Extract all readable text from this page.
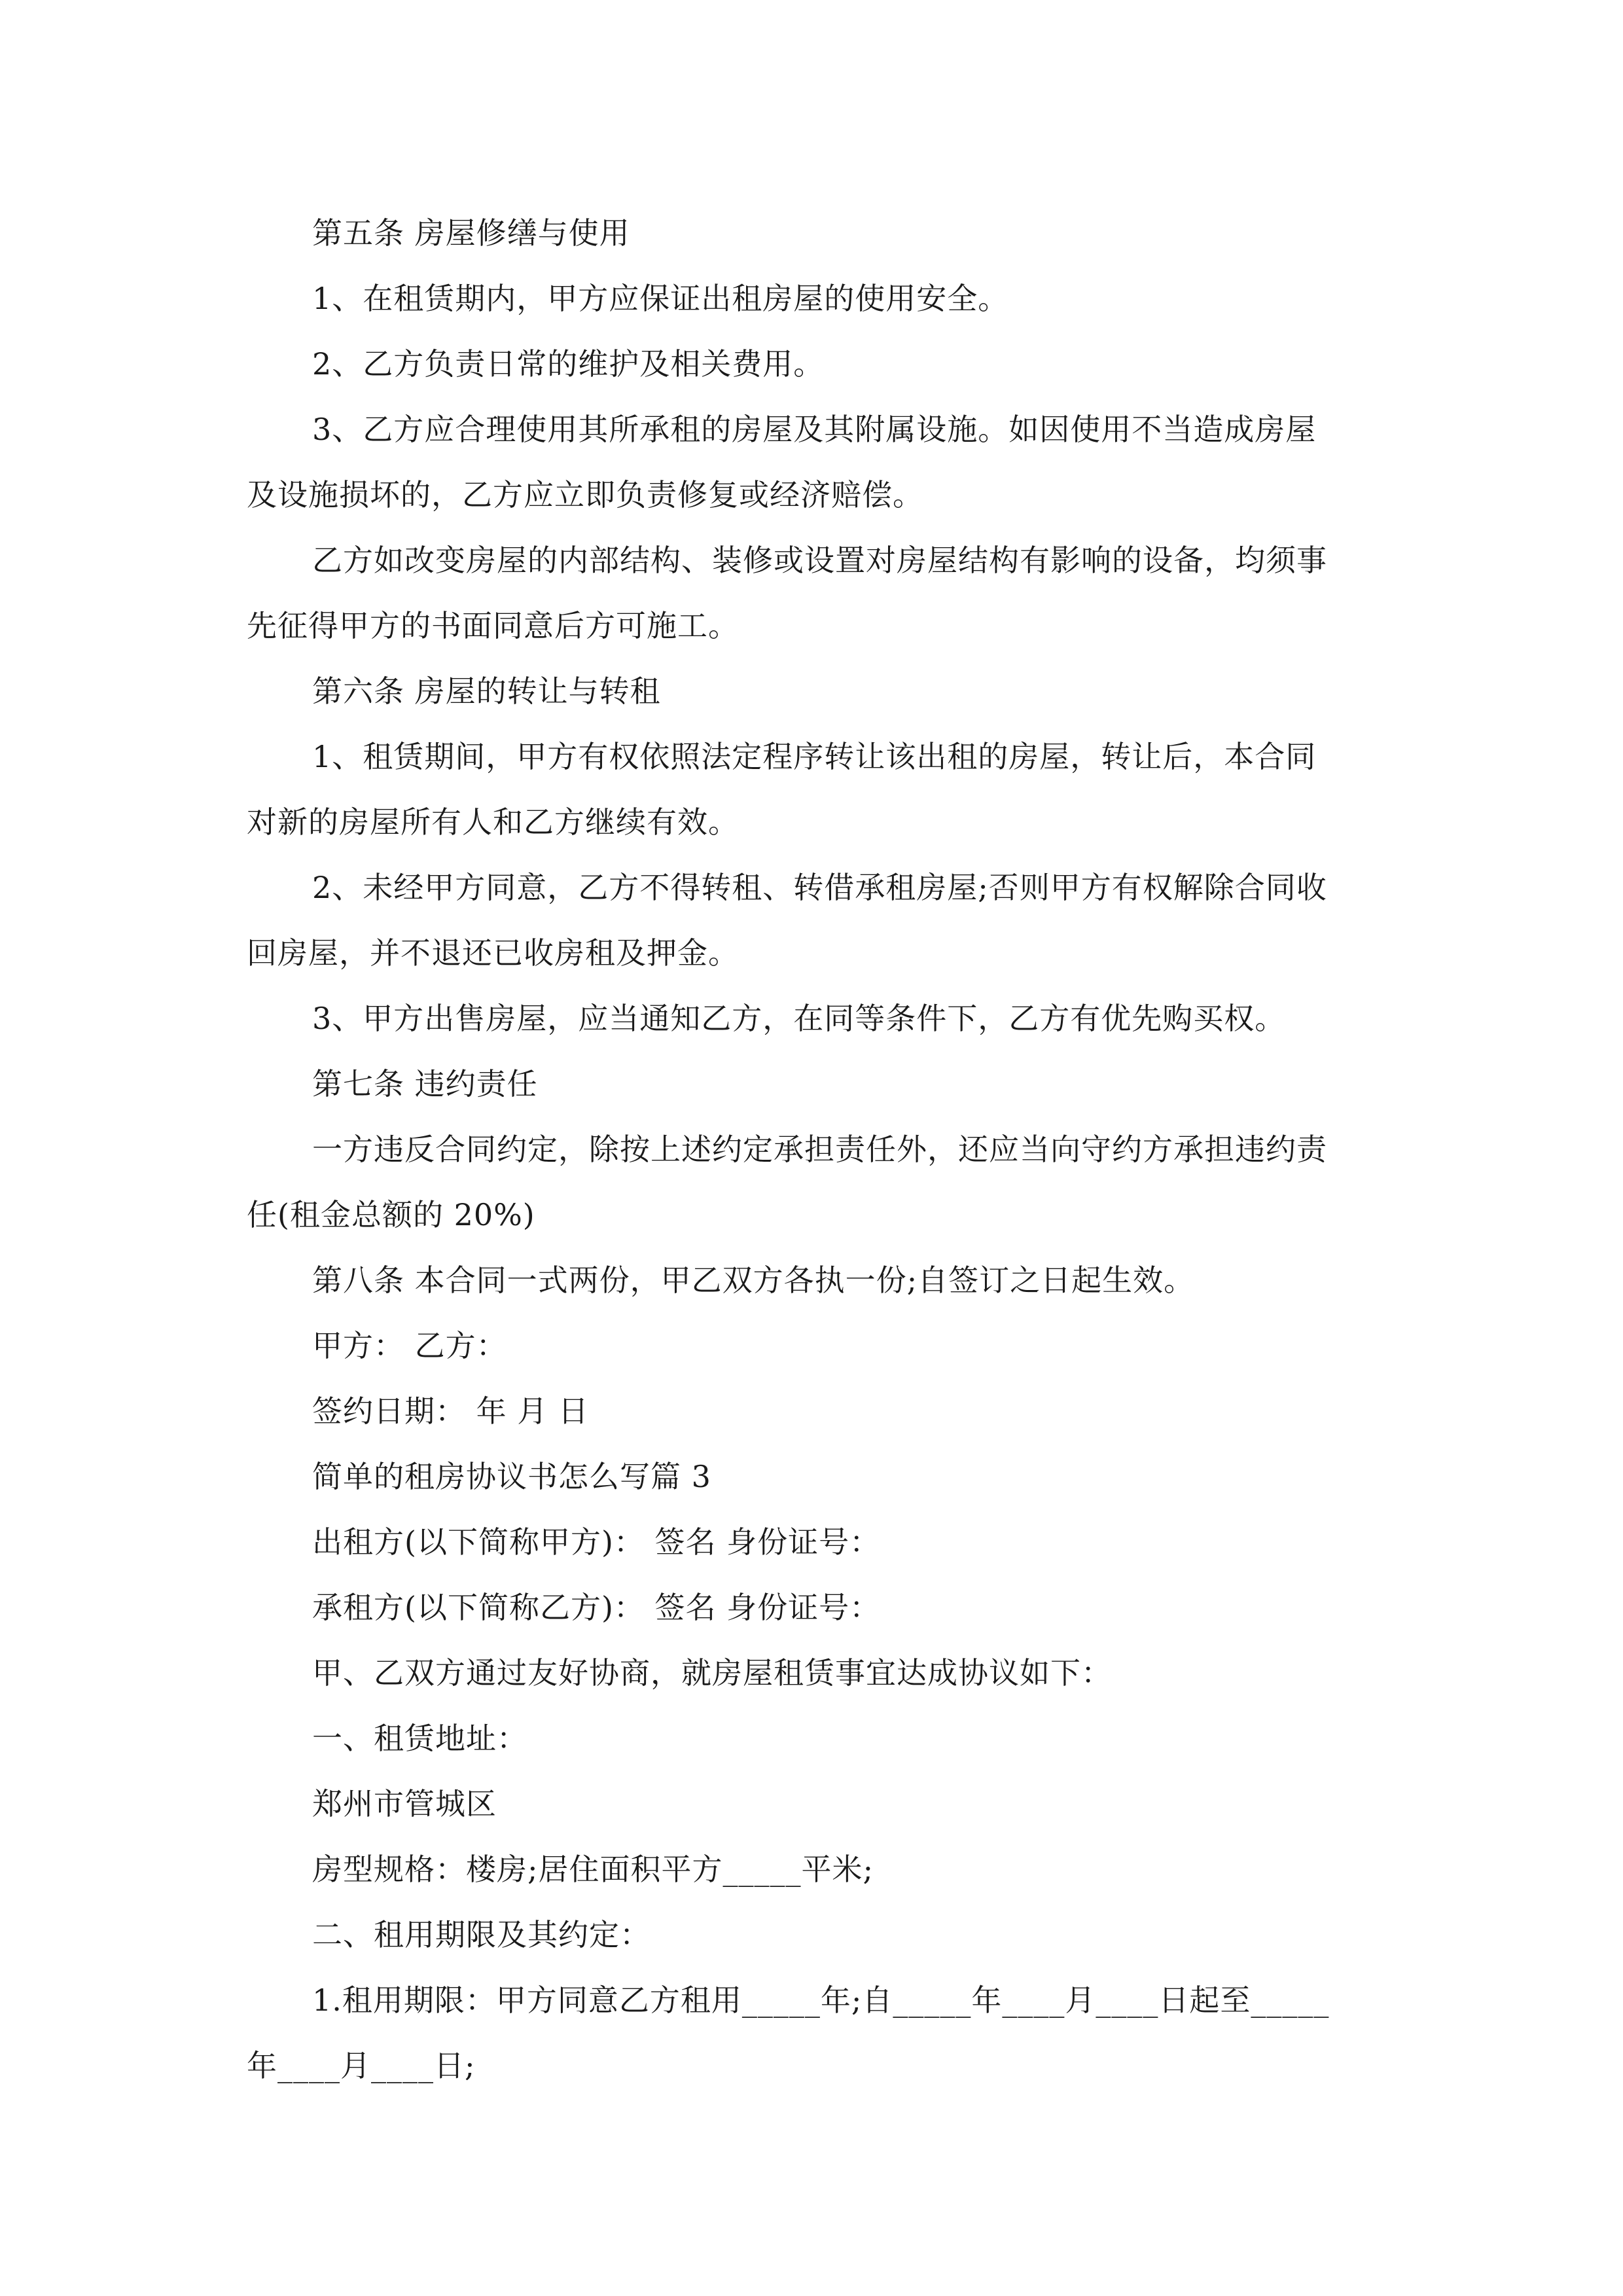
第五条 房屋修缮与使用
1、在租赁期内，甲方应保证出租房屋的使用安全。
2、乙方负责日常的维护及相关费用。
3、乙方应合理使用其所承租的房屋及其附属设施。如因使用不当造成房屋
及设施损坏的，乙方应立即负责修复或经济赔偿。
乙方如改变房屋的内部结构、装修或设置对房屋结构有影响的设备，均须事
先征得甲方的书面同意后方可施工。
第六条 房屋的转让与转租
1、租赁期间，甲方有权依照法定程序转让该出租的房屋，转让后，本合同
对新的房屋所有人和乙方继续有效。
2、未经甲方同意，乙方不得转租、转借承租房屋;否则甲方有权解除合同收
回房屋，并不退还已收房租及押金。
3、甲方出售房屋，应当通知乙方，在同等条件下，乙方有优先购买权。
第七条 违约责任
一方违反合同约定，除按上述约定承担责任外，还应当向守约方承担违约责
任(租金总额的 20%)
第八条 本合同一式两份，甲乙双方各执一份;自签订之日起生效。
甲方： 乙方：
签约日期： 年 月 日
简单的租房协议书怎么写篇 3
出租方(以下简称甲方)： 签名 身份证号：
承租方(以下简称乙方)： 签名 身份证号：
甲、乙双方通过友好协商，就房屋租赁事宜达成协议如下：
一、租赁地址：
郑州市管城区
房型规格：楼房;居住面积平方_____平米;
二、租用期限及其约定：
1.租用期限：甲方同意乙方租用_____年;自_____年____月____日起至_____
年____月____日;
